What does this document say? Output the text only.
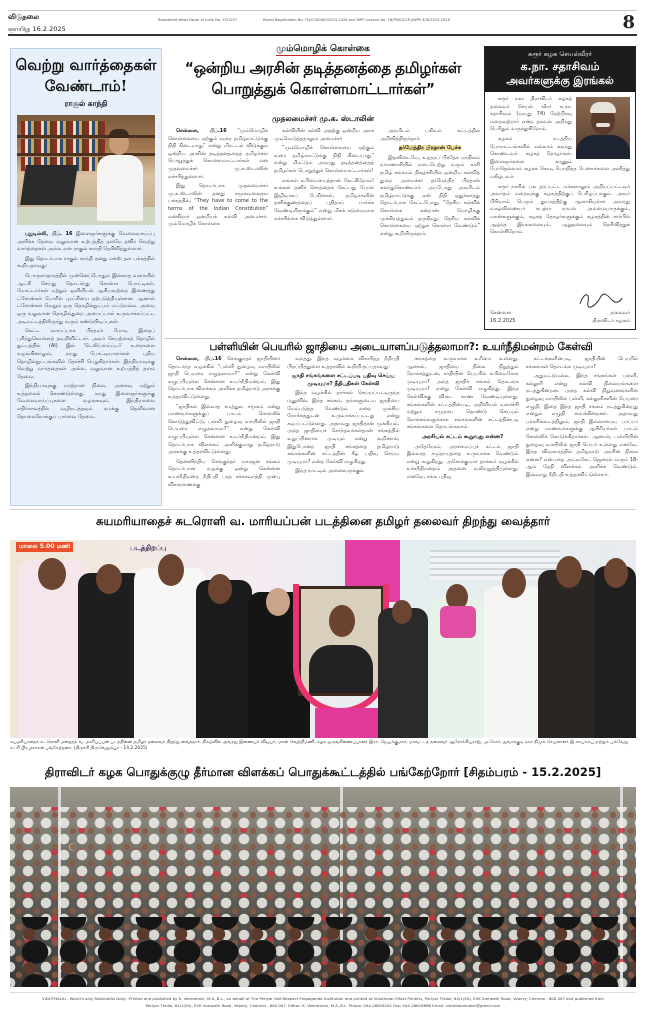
விடுதலை
ஞாயிறு 16.2.2025
Registered News Paper of India No. 19/1257	Postal Registration No. TN/CCN/460/2024-2026 and WPP Licence No. TN/PMG(CCR)/WPP-426/2024-2026	8
வெற்று வார்த்தைகள்
வேண்டாம்!
ராகுல் காந்தி

புதுடில்லி, பிப். 16 இளைஞர்களுக்கு வேலைவாய்ப்பு அளிக்க தேவை வலுவான உற்பத்தித் தளமே தவிர வெற்று வார்த்தைகள் அல்ல என ராகுல் காந்தி தெரிவித்துள்ளார்.

இது தொடர்பாக ராகுல் காந்தி தனது எக்ஸ் தள பக்கத்தில் கூறியதாவது:

பொருளாதாரத்தில் முன்னெப்போதும் இல்லாத வகையில் ஆட்சி செய்து தொடர்ந்து கொள்ள போட்டிகள், மோட்டார்கள் மற்றும் ஒளியியல் ஆகியவற்றை இணைத்து ட்ரோன்கள் போரில் புரட்சியை ஏற்படுத்தியுள்ளன. ஆனால் ட்ரோன்கள் வெறும் ஒரு தொழில்நுட்பம் மட்டுமல்ல. அவை ஒரு வலுவான தொழில்துறை அமைப்பால் உருவாக்கப்பட்ட அடிமட்டத்திலிருந்து வரும் கண்டுபிடிப்புகள்.

கெட்ட வாய்ப்பாக பிரதமர் மோடி இதைப் புரிந்துகொள்ளத் தவறிவிட்டார். அவர் செயற்கைத் தொழில் நுட்பத்தில் (AI) இல் 'டெலிப்ராம்ப்டர்' உரைகளை வழங்கினாலும், நமது போட்டியாளர்கள் புதிய தொழில்நுட்பங்களில் தேர்ச்சி பெறுகிறார்கள். இந்தியாவுக்கு வெற்று வார்த்தைகள் அல்ல, வலுவான உற்பத்தித் தளம் தேவை.

இந்தியாவுக்கு மாற்றான நிலை, அசைவு மற்றும் உத்தலைக் கொண்டுள்ளது. நமது இளைஞர்களுக்கு வேலைவாய்ப்புகளை வழங்கவும், இந்தியாவை எதிர்காலத்தில் வழிநடத்தவும் நமக்கு தெளிவான தொலைநோக்குப் பார்வை தேவை.

மும்மொழிக் கொள்கை
“ஒன்றிய அரசின் தடித்தனத்தை தமிழர்கள்
பொறுத்துக் கொள்ளமாட்டார்கள்”
முதலமைச்சர் மு.க. ஸ்டாலின்

சென்னை, பிப்.16 “மும்மொழிக் கொள்கையை ஏற்கும் வரை தமிழ்நாட்டுக்கு நிதி கிடையாது” என்று மிரட்டல் விடுக்கும் ஒன்றிய அரசின் தடித்தனத்தைத் தமிழர்கள் பொறுத்துக் கொள்ளமாட்டார்கள் என முதலமைச்சர் மு.க.ஸ்டாலின் எச்சரித்துள்ளார்.

இது தொடர்பாக முதலமைச்சர் மு.க.ஸ்டாலின் தனது சமூகவலைதள பக்கத்தில், “They have to come to the terms of the Indian Constitution” என்கிறார் ஒன்றியக் கல்வி அமைச்சர். மும்மொழிக் கொள்கை

கல்வியின் கல்வி அதற்கு ஒன்றிய அரசு முடிவெடுத்ததாலும் அமைச்சர்

“மும்மொழிக் கொள்கையை ஏற்கும் வரை தமிழ்நாட்டுக்கு நிதி கிடையாது” என்று மிரட்டும் அவரது தடித்தனத்தைத் தமிழர்கள் பொறுத்துக் கொள்ளமாட்டார்கள்!

எங்கள் உரிமையைத்தான் கேட்கிறோம்! உங்கள் தனிச் சொத்தைக் கேட்பது போல் இழிவாகப் பேசினால், தமிழர்களின் தனிக்குணத்தைப் புதிதாய் பார்க்க வேண்டியிருக்கும்” என்று மிகக் கடுமையாக எச்சரிக்கை விடுத்துள்ளார்.

அவரிடம் பகிவம் சுட்டத்தில் அறிவித்திருந்தார்.

தர்மேந்திர பிரதான் பேச்சு

இதனிடையே, உத்தரப் பிரதேச மாநிலம் வாரணாசியில் நடைபெற்று வரும் காசி தமிழ் சங்கமம் நிகழ்ச்சியில் ஒன்றிய கல்வித் துறை அமைச்சர் தர்மேந்திர பிரதான் கலந்துகொண்டார். அப்போது அவரிடம் தமிழ்நாட்டுக்கு ஏன் நிதி ஒதுக்காதது தொடர்பாக கேட்டபோது, “தேசிய கல்விக் கொள்கை கன்றான் மொழிக்கு முக்கியத்துவம் தருகிறது. தேசிய கல்விக் கொள்கையை ஏற்றுக் கொள்ள வேண்டும்” என்று கூறியிருந்தார்.

கரூர் கழக செயல்வீரர்
க.நா. சதாசிவம்
அவர்களுக்கு இரங்கல்

கரூர் நகர திராவிடர் கழகத் தலைவர் செயல் வீரர் க.நா. சதாசிவம் (வயது 74) நேற்றிரவு மறைவுற்றார் என்ற தகவல் அறிந்து பெரிதும் வருந்துகிறோம்.

கழகம் நடத்திய போராட்டங்களில் எல்லாம் கலந்து கொண்டவர். கழகத் தோழர்கள், இளைஞர்களை காணும் போதெல்லாம் கழகக் கொடி பொறித்த பேனாக்களை அளித்து மகிழ்பவர்.

கரூர் நகரில் பல தரப்பட்ட மக்களாலும் அறியப்பட்டவர் அவர்தம் மறைவுக்கு கழகத்திற்குப் பேரிழப்பாகும். அவர் பிரிவால் பெரும் துயரத்திற்கு ஆளாகியுள்ள அவரது வாழ்விணையர் சுபத்ரா நாமல் அம்மையாருக்கும், மகன்களுக்கும், கழகத் தோழர்களுக்கும் கழகத்தின் சார்பில் ஆழ்ந்த இரங்கலையும், ஆறுதலையும் தெரிவித்துக் கொள்கிறோம்.

சென்னை
16.2.2025
தலைவர்
திராவிடர் கழகம்
பள்ளியின் பெயரில் ஜாதியை அடையாளப்படுத்தலாமா?: உயர்நீதிமன்றம் கேள்வி

சென்னை, பிப்.16 செங்குந்தர் ஜாதியினர் தொடர்ந்த வழக்கில் “பள்ளி நுழைவு வாயிலில் ஜாதி பெயரை எழுதலாமா?” என்று கேள்வி எழுப்பியுள்ள சென்னை உயர்நீதிமன்றம், இது தொடர்பாக விளக்கம் அளிக்க தமிழ்நாடு அரசுக்கு உத்தரவிட்டுள்ளது.

“ஜாதிகள் இல்லாத சமத்துவ சமூகம் என்று மாணவர்களுக்குப் பாடம் சொல்லிக் கொடுத்துவிட்டு, பள்ளி நுழைவு வாயிலில் ஜாதி பெயரை எழுதலாமா?” என்று கேள்வி எழுப்பியுள்ள சென்னை உயர்நீதிமன்றம், இது தொடர்பாக விளக்கம் அளிக்குமாறு தமிழ்நாடு அரசுக்கு உத்தரவிட்டுள்ளது.

தென்னிந்திய செங்குந்தர் மகாஜன சங்கம் தொடர்பான வழக்கு ஒன்று சென்னை உயர்நீதிமன்ற நீதிபதி பரத சக்கரவர்த்தி முன்பு விசாரணைக்கு

வந்தது. இந்த வழக்கை விசாரித்த நீதிபதி பிறப்பித்துள்ள உத்தரவில் கூறியிருப்பதாவது:

ஜாதி சங்கங்களை சட்டப்படி பதிவு செய்ய முடியுமா? நீதிபதிகள் கேள்வி

இந்த வழக்கில் தாக்கல் செய்யப்பட்டிருந்த மனுவில், இந்த சங்கம், தங்களுடைய ஜாதியை மேம்படுத்த வேண்டும் என்ற முக்கிய நோக்கத்துடன் உருவாக்கப்பட்டது என்று கூறப்பட்டுள்ளது. அதாவது ஜாதிதான் முக்கியம், அந்த ஜாதியைச் சேர்ந்தவர்கள்தான் சங்கத்தில் உறுப்பினராக முடியும் என்று கூறினால், இதுபோன்ற ஜாதி சங்கத்தை தமிழ்நாடு சங்கங்களின் சட்டத்தின் கீழ் பதிவு செய்ய முடியுமா? என்ற கேள்வி எழுகிறது.

இந்த நாட்டில் அனைவருக்கும்

சங்கத்தை உருவாக்க உரிமை உள்ளது. ஆனால், ஜாதியை நிலை நிறுத்தும் நோக்கத்துடன், சாதியின் பெயரில் உரிமைகோர முடியுமா? அந்த ஜாதிச் சங்கம் தொடங்க முடியுமா? என்று கேள்வி எழுகிறது. இந்த கேள்விக்கு விடை காண வேண்டியுள்ளது. சங்கங்களின் சட்டத்தின்படி, அறிவியல் வளர்ச்சி மற்றும் சமுதாய தொண்டு செய்யும் நோக்கங்களுக்காக சங்கங்களின் சட்டத்தின்படி சங்கங்களை தொடங்கலாம்.

அரசியல் சட்டம் கூறுவது என்ன?

அதேநேரம், அரசமைப்புச் சட்டம் ஜாதி இல்லாத சமுதாயத்தை உருவாக்க வேண்டும் என்று கூறுகிறது. அசோக்குமார் தாக்கூர் வழக்கில் உச்சநீதிமன்றம் அதனை வலியுறுத்தியுள்ளது. எனவே, சங்க பதிவு

சட்டங்களின்படி, ஜாதியின் பெயரில் சங்கங்கள் தொடங்க முடியுமா?

அதுமட்டுமல்ல, இந்த சங்கங்கள் பள்ளி, கல்லூரி என்று கல்வி நிலையங்களை நடத்துகின்றன. அந்த கல்வி நிறுவனங்களின் நுழைவு வாயிலில் பள்ளி, கல்லூரிகளின் பெயரை எழுதி, இதை இந்த ஜாதி சங்கம் நடத்துகின்றது என்றும் எழுதி வைக்கின்றனர். அதாவது பள்ளிக்கூடத்திலும், ஜாதி இல்லாமைய பாப்பா என்று மாணவர்களுக்கு ஆசிரியர்கள் பாடம் சொல்லிக் கொடுக்கிறார்கள். ஆனால், பள்ளியின் நுழைவு வாயிலில் ஜாதி பெயர் உள்ளது எனவே, இந்த விவகாரத்தில் தமிழ்நாடு அரசின் நிலை என்ன? என்பதை அட்வகேட் ஜெனரல் வரும் 18-ஆம் தேதி விளக்கம் அளிக்க வேண்டும். இவ்வாறு நீதிபதி உத்தரவிட்டுள்ளார்.

சுயமரியாதைச் சுடரொளி வ. மாரியப்பன் படத்தினை தமிழர் தலைவர் திறந்து வைத்தார்
மாலை 5.00 மணி	படத்திறப்பு
சுயமரியாதைச் சுடரொளி மறைந்த வ. மாரியப்பன் படத்தினை தமிழர் தலைவர் திறந்து வைத்தார். நிகழ்வில் அவரது இணையர் விஜயா, மகள் வெற்றிமணி, கழக ஒருங்கிணைப்பாளர் இரா. ஜெயக்குமார், மாவட்டத் தலைவர் ஆரோக்கியராஜ், மு.சேகர், துவாக்குடி நகர திமுக செயலாளர் இ.காயாம்பு மற்றும் பல்வேறு கட்சி பிரமுகர்கள் பங்கேற்றனர். (திருச்சி திருவெறும்பூர் - 14.2.2025)
திராவிடர் கழக பொதுக்குழு தீர்மான விளக்கப் பொதுக்கூட்டத்தில் பங்கேற்றோர் [சிதம்பரம் - 15.2.2025]
VIDUTHALAI - World's only Rationalist Daily -Printed and published by K. Veeramani, M.A.,B.L., on behalf of The Periyar Self-Respect Propaganda Institution and printed at Viduthalai Offset Printers, Periyar Thidal, 84/1(50), EVK Sampath Road, Vepery, Chennai - 600 007 and published from
Periyar Thidal, 84/1(50), EVK Sampath Road, Vepery, Chennai - 600 007. Editor: K. Veeramani, M.A.,B.L. Phone: 044-26618161 Fax: 044-26618866 Email: viduthalaimaler@gmail.com
